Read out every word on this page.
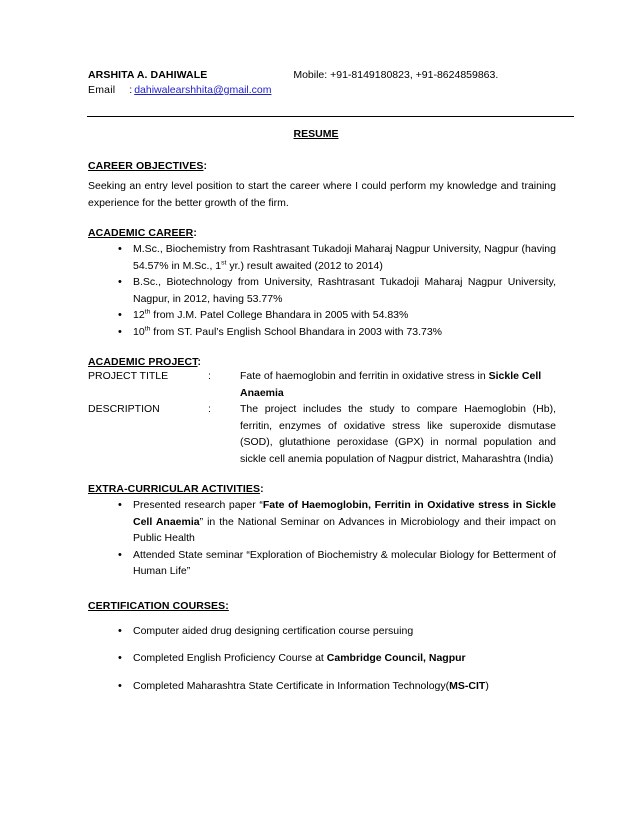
ARSHITA A. DAHIWALE	Mobile: +91-8149180823, +91-8624859863.
Email : dahiwalearshhita@gmail.com
RESUME
CAREER OBJECTIVES:
Seeking an entry level position to start the career where I could perform my knowledge and training experience for the better growth of the firm.
ACADEMIC CAREER:
• M.Sc., Biochemistry from Rashtrasant Tukadoji Maharaj Nagpur University, Nagpur (having 54.57% in M.Sc., 1st yr.) result awaited (2012 to 2014)
• B.Sc., Biotechnology from University, Rashtrasant Tukadoji Maharaj Nagpur University, Nagpur, in 2012, having 53.77%
• 12th from J.M. Patel College Bhandara in 2005 with 54.83%
• 10th from ST. Paul’s English School Bhandara in 2003 with 73.73%
ACADEMIC PROJECT:
PROJECT TITLE	:	Fate of haemoglobin and ferritin in oxidative stress in Sickle Cell Anaemia
DESCRIPTION	:	The project includes the study to compare Haemoglobin (Hb), ferritin, enzymes of oxidative stress like superoxide dismutase (SOD), glutathione peroxidase (GPX) in normal population and sickle cell anemia population of Nagpur district, Maharashtra (India)
EXTRA-CURRICULAR ACTIVITIES:
• Presented research paper “Fate of Haemoglobin, Ferritin in Oxidative stress in Sickle Cell Anaemia” in the National Seminar on Advances in Microbiology and their impact on Public Health
• Attended State seminar “Exploration of Biochemistry & molecular Biology for Betterment of Human Life”
CERTIFICATION COURSES:
• Computer aided drug designing certification course persuing
• Completed English Proficiency Course at Cambridge Council, Nagpur
• Completed Maharashtra State Certificate in Information Technology(MS-CIT)
